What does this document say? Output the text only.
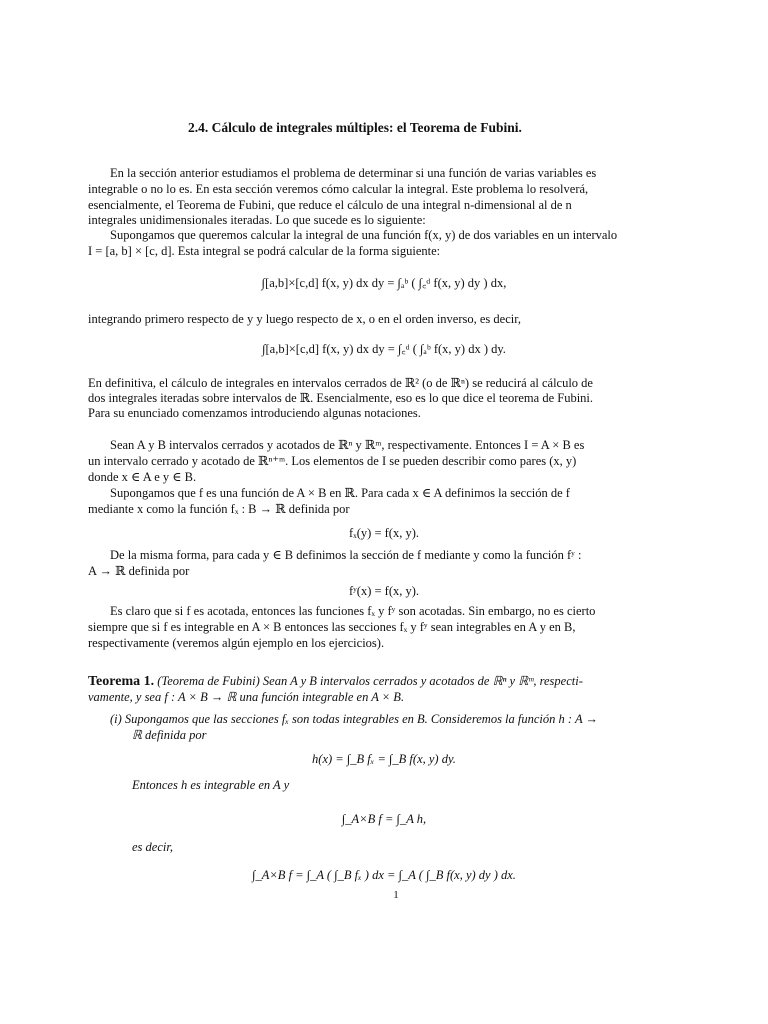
2.4. Cálculo de integrales múltiples: el Teorema de Fubini.
En la sección anterior estudiamos el problema de determinar si una función de varias variables es
integrable o no lo es. En esta sección veremos cómo calcular la integral. Este problema lo resolverá,
esencialmente, el Teorema de Fubini, que reduce el cálculo de una integral n-dimensional al de n
integrales unidimensionales iteradas. Lo que sucede es lo siguiente:
Supongamos que queremos calcular la integral de una función f(x, y) de dos variables en un intervalo
I = [a, b] × [c, d]. Esta integral se podrá calcular de la forma siguiente:
∫[a,b]×[c,d] f(x, y) dx dy = ∫ₐᵇ ( ∫꜀ᵈ f(x, y) dy ) dx,
integrando primero respecto de y y luego respecto de x, o en el orden inverso, es decir,
∫[a,b]×[c,d] f(x, y) dx dy = ∫꜀ᵈ ( ∫ₐᵇ f(x, y) dx ) dy.
En definitiva, el cálculo de integrales en intervalos cerrados de ℝ² (o de ℝⁿ) se reducirá al cálculo de
dos integrales iteradas sobre intervalos de ℝ. Esencialmente, eso es lo que dice el teorema de Fubini.
Para su enunciado comenzamos introduciendo algunas notaciones.
Sean A y B intervalos cerrados y acotados de ℝⁿ y ℝᵐ, respectivamente. Entonces I = A × B es
un intervalo cerrado y acotado de ℝⁿ⁺ᵐ. Los elementos de I se pueden describir como pares (x, y)
donde x ∈ A e y ∈ B.
Supongamos que f es una función de A × B en ℝ. Para cada x ∈ A definimos la sección de f
mediante x como la función fₓ : B → ℝ definida por
fₓ(y) = f(x, y).
De la misma forma, para cada y ∈ B definimos la sección de f mediante y como la función fʸ :
A → ℝ definida por
fʸ(x) = f(x, y).
Es claro que si f es acotada, entonces las funciones fₓ y fʸ son acotadas. Sin embargo, no es cierto
siempre que si f es integrable en A × B entonces las secciones fₓ y fʸ sean integrables en A y en B,
respectivamente (veremos algún ejemplo en los ejercicios).
Teorema 1. (Teorema de Fubini) Sean A y B intervalos cerrados y acotados de ℝⁿ y ℝᵐ, respecti-
vamente, y sea f : A × B → ℝ una función integrable en A × B.
(i) Supongamos que las secciones fₓ son todas integrables en B. Consideremos la función h : A →
ℝ definida por
h(x) = ∫_B fₓ = ∫_B f(x, y) dy.
Entonces h es integrable en A y
∫_A×B f = ∫_A h,
es decir,
∫_A×B f = ∫_A ( ∫_B fₓ ) dx = ∫_A ( ∫_B f(x, y) dy ) dx.
1
